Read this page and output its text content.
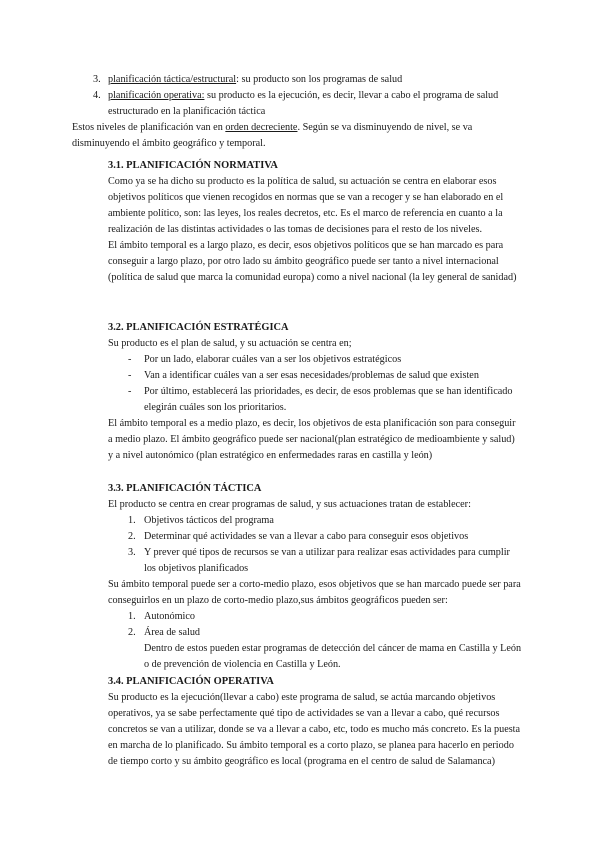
3. planificación táctica/estructural: su producto son los programas de salud

4. planificación operativa: su producto es la ejecución, es decir, llevar a cabo el programa de salud estructurado en la planificación táctica

Estos niveles de planificación van en orden decreciente. Según se va disminuyendo de nivel, se va disminuyendo el ámbito geográfico y temporal.

3.1. PLANIFICACIÓN NORMATIVA

Como ya se ha dicho su producto es la política de salud, su actuación se centra en elaborar esos objetivos políticos que vienen recogidos en normas que se van a recoger y se han elaborado en el ambiente político, son: las leyes, los reales decretos, etc. Es el marco de referencia en cuanto a la realización de las distintas actividades o las tomas de decisiones para el resto de los niveles.

El ámbito temporal es a largo plazo, es decir, esos objetivos políticos que se han marcado es para conseguir a largo plazo, por otro lado su ámbito geográfico puede ser tanto a nivel internacional (política de salud que marca la comunidad europa) como a nivel nacional (la ley general de sanidad)

3.2. PLANIFICACIÓN ESTRATÉGICA

Su producto es el plan de salud, y su actuación se centra en;

- Por un lado, elaborar cuáles van a ser los objetivos estratégicos

- Van a identificar cuáles van a ser esas necesidades/problemas de salud que existen

- Por último, establecerá las prioridades, es decir, de esos problemas que se han identificado elegirán cuáles son los prioritarios.

El ámbito temporal es a medio plazo, es decir, los objetivos de esta planificación son para conseguir a medio plazo. El ámbito geográfico puede ser nacional(plan estratégico de medioambiente y salud) y a nivel autonómico (plan estratégico en enfermedades raras en castilla y león)

3.3. PLANIFICACIÓN TÁCTICA

El producto se centra en crear programas de salud, y sus actuaciones tratan de establecer:

1. Objetivos tácticos del programa

2. Determinar qué actividades se van a llevar a cabo para conseguir esos objetivos

3. Y prever qué tipos de recursos se van a utilizar para realizar esas actividades para cumplir los objetivos planificados

Su ámbito temporal puede ser a corto-medio plazo, esos objetivos que se han marcado puede ser para conseguirlos en un plazo de corto-medio plazo,sus ámbitos geográficos pueden ser:

1. Autonómico

2. Área de salud

Dentro de estos pueden estar programas de detección del cáncer de mama en Castilla y León o de prevención de violencia en Castilla y León.

3.4. PLANIFICACIÓN OPERATIVA

Su producto es la ejecución(llevar a cabo) este programa de salud, se actúa marcando objetivos operativos, ya se sabe perfectamente qué tipo de actividades se van a llevar a cabo, qué recursos concretos se van a utilizar, donde se va a llevar a cabo, etc, todo es mucho más concreto. Es la puesta en marcha de lo planificado. Su ámbito temporal es a corto plazo, se planea para hacerlo en periodo de tiempo corto y su ámbito geográfico es local (programa en el centro de salud de Salamanca)
